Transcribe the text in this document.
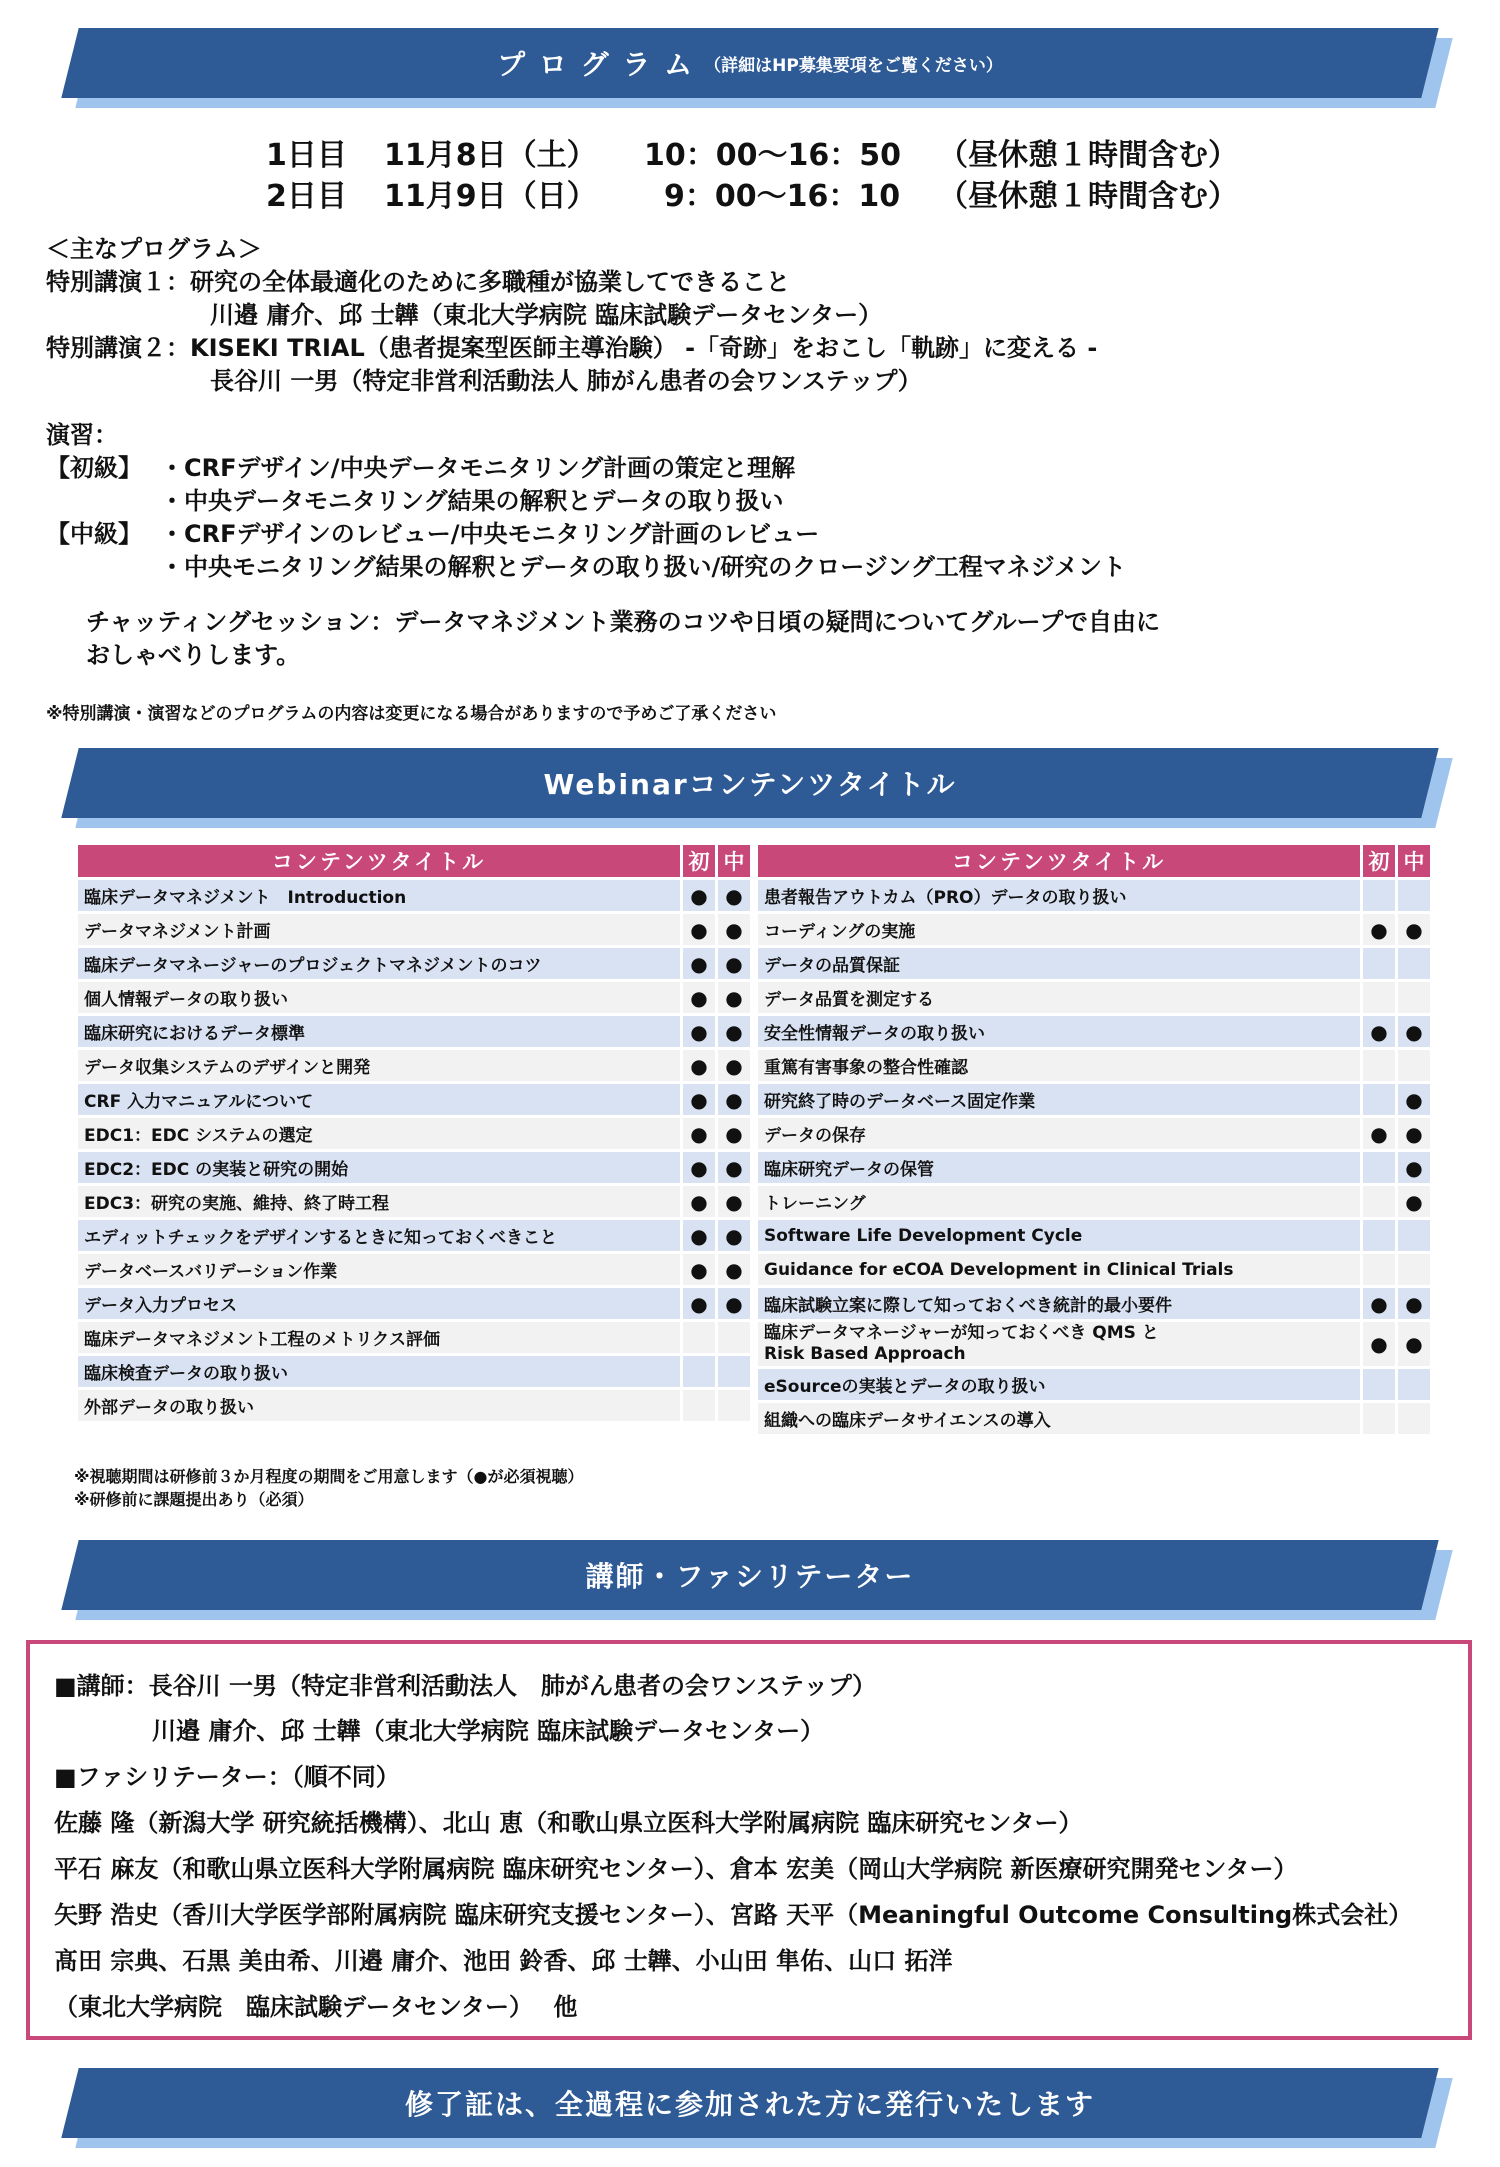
プ ロ グ ラ ム （詳細はHP募集要項をご覧ください）
1日目 11月8日（土） 10：00～16：50 （昼休憩１時間含む）
2日目 11月9日（日） 9：00～16：10 （昼休憩１時間含む）
＜主なプログラム＞
特別講演１：研究の全体最適化のために多職種が協業してできること
川邉 庸介、邱 士韡（東北大学病院 臨床試験データセンター）
特別講演２：KISEKI TRIAL（患者提案型医師主導治験） -「奇跡」をおこし「軌跡」に変える -
長谷川 一男（特定非営利活動法人 肺がん患者の会ワンステップ）
演習：
【初級】 ・CRFデザイン/中央データモニタリング計画の策定と理解
・中央データモニタリング結果の解釈とデータの取り扱い
【中級】 ・CRFデザインのレビュー/中央モニタリング計画のレビュー
・中央モニタリング結果の解釈とデータの取り扱い/研究のクロージング工程マネジメント
チャッティングセッション：データマネジメント業務のコツや日頃の疑問についてグループで自由に
おしゃべりします。
※特別講演・演習などのプログラムの内容は変更になる場合がありますので予めご了承ください
Webinarコンテンツタイトル
コンテンツタイトル	初	中
臨床データマネジメント　Introduction	●	●
データマネジメント計画	●	●
臨床データマネージャーのプロジェクトマネジメントのコツ	●	●
個人情報データの取り扱い	●	●
臨床研究におけるデータ標準	●	●
データ収集システムのデザインと開発	●	●
CRF 入力マニュアルについて	●	●
EDC1：EDC システムの選定	●	●
EDC2：EDC の実装と研究の開始	●	●
EDC3：研究の実施、維持、終了時工程	●	●
エディットチェックをデザインするときに知っておくべきこと	●	●
データベースバリデーション作業	●	●
データ入力プロセス	●	●
臨床データマネジメント工程のメトリクス評価		
臨床検査データの取り扱い		
外部データの取り扱い		
コンテンツタイトル	初	中
患者報告アウトカム（PRO）データの取り扱い		
コーディングの実施	●	●
データの品質保証		
データ品質を測定する		
安全性情報データの取り扱い	●	●
重篤有害事象の整合性確認		
研究終了時のデータベース固定作業		●
データの保存	●	●
臨床研究データの保管		●
トレーニング		●
Software Life Development Cycle		
Guidance for eCOA Development in Clinical Trials		
臨床試験立案に際して知っておくべき統計的最小要件	●	●
臨床データマネージャーが知っておくべき QMS と
Risk Based Approach	●	●
eSourceの実装とデータの取り扱い		
組織への臨床データサイエンスの導入		
※視聴期間は研修前３か月程度の期間をご用意します（●が必須視聴）
※研修前に課題提出あり（必須）
講師・ファシリテーター
■講師：長谷川 一男（特定非営利活動法人　肺がん患者の会ワンステップ）
川邉 庸介、邱 士韡（東北大学病院 臨床試験データセンター）
■ファシリテーター：（順不同）
佐藤 隆（新潟大学 研究統括機構）、北山 恵（和歌山県立医科大学附属病院 臨床研究センター）
平石 麻友（和歌山県立医科大学附属病院 臨床研究センター）、倉本 宏美（岡山大学病院 新医療研究開発センター）
矢野 浩史（香川大学医学部附属病院 臨床研究支援センター）、宮路 天平（Meaningful Outcome Consulting株式会社）
髙田 宗典、石黒 美由希、川邉 庸介、池田 鈴香、邱 士韡、小山田 隼佑、山口 拓洋
（東北大学病院　臨床試験データセンター）　 他
修了証は、全過程に参加された方に発行いたします
